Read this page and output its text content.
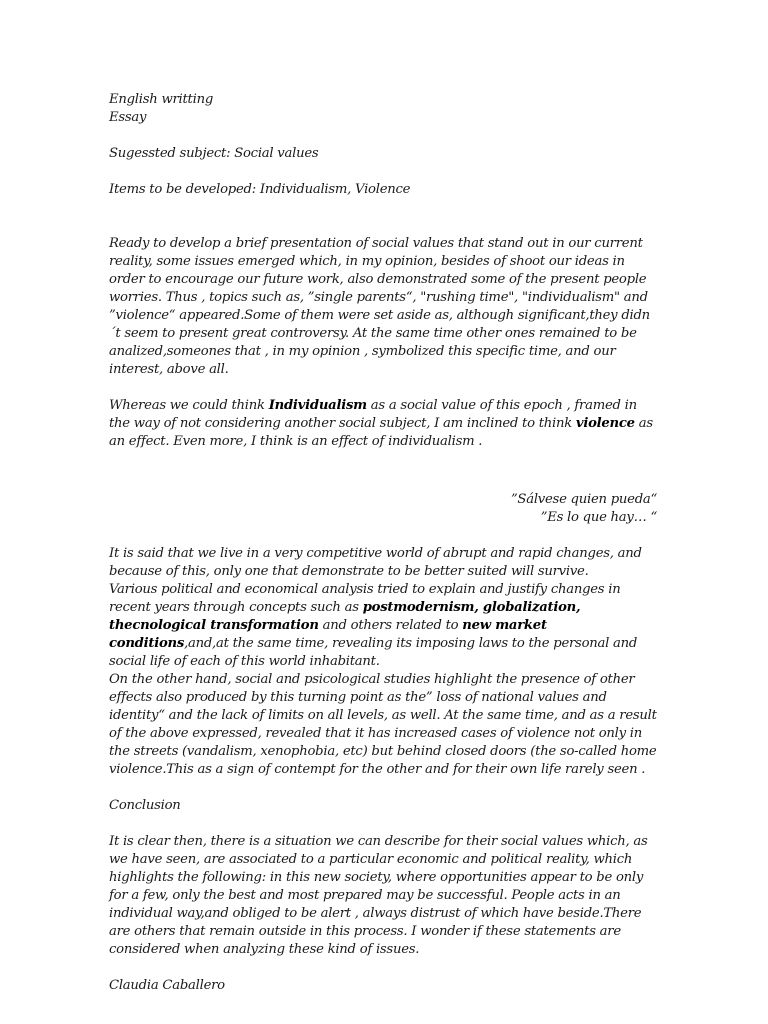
English writting

Essay

Sugessted subject: Social values

Items to be developed: Individualism, Violence

Ready to develop a brief presentation of social values that stand out in our current reality, some issues emerged which, in my opinion, besides of shoot our ideas in order to encourage our future work, also demonstrated some of the present people worries. Thus , topics such as, ”single parents“, "rushing time", "individualism" and ”violence“ appeared.Some of them were set aside as, although significant,they didn´t seem to present great controversy. At the same time other ones remained to be analized,someones that , in my opinion , symbolized this specific time, and our interest, above all.

Whereas we could think Individualism as a social value of this epoch , framed in the way of not considering another social subject, I am inclined to think violence as an effect. Even more, I think is an effect of individualism .

”Sálvese quien pueda“

”Es lo que hay… “

It is said that we live in a very competitive world of abrupt and rapid changes, and because of this, only one that demonstrate to be better suited will survive.

Various political and economical analysis tried to explain and justify changes in recent years through concepts such as postmodernism, globalization, thecnological transformation and others related to new market conditions,and,at the same time, revealing its imposing laws to the personal and social life of each of this world inhabitant.

On the other hand, social and psicological studies highlight the presence of other effects also produced by this turning point as the” loss of national values and identity“ and the lack of limits on all levels, as well. At the same time, and as a result of the above expressed, revealed that it has increased cases of violence not only in the streets (vandalism, xenophobia, etc) but behind closed doors (the so-called home violence.This as a sign of contempt for the other and for their own life rarely seen .

Conclusion

It is clear then, there is a situation we can describe for their social values which, as we have seen, are associated to a particular economic and political reality, which highlights the following: in this new society, where opportunities appear to be only for a few, only the best and most prepared may be successful. People acts in an individual way,and obliged to be alert , always distrust of which have beside.There are others that remain outside in this process. I wonder if these statements are considered when analyzing these kind of issues.

Claudia Caballero
